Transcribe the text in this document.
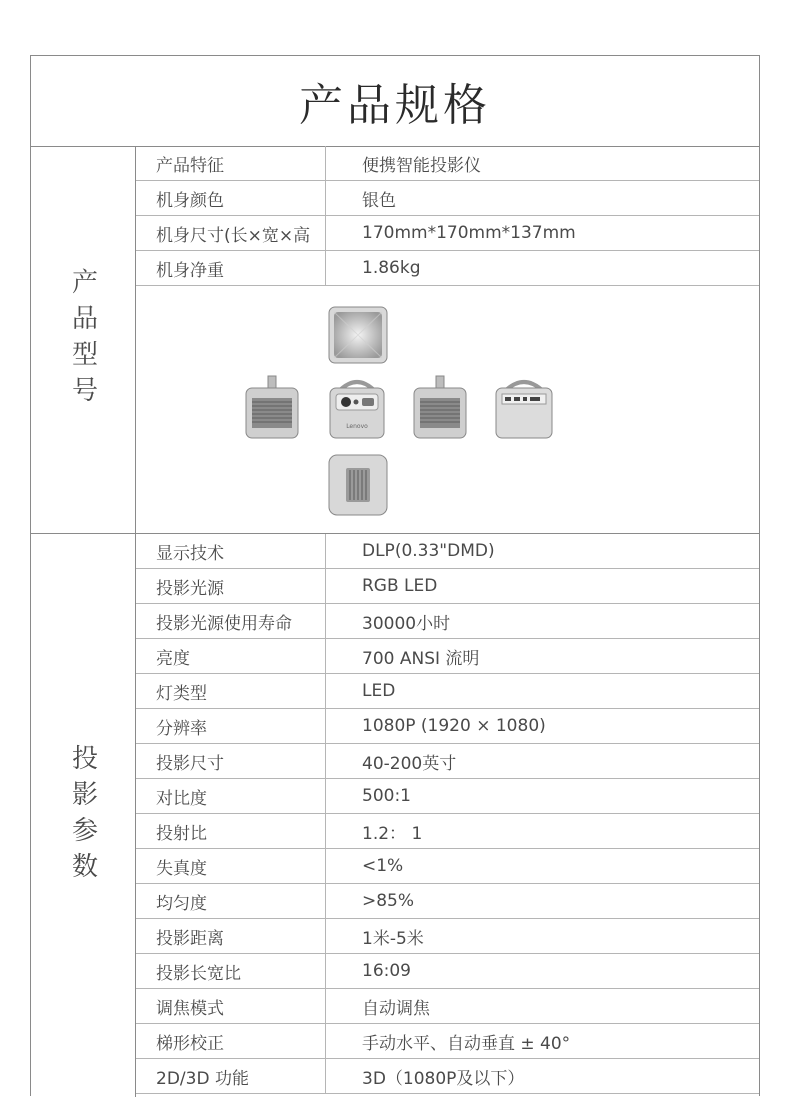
产品规格
产品型号
产品特征	便携智能投影仪
机身颜色	银色
机身尺寸(长×宽×高	170mm*170mm*137mm
机身净重	1.86kg
Lenovo
投影参数
显示技术	DLP(0.33"DMD)
投影光源	RGB LED
投影光源使用寿命	30000小时
亮度	700 ANSI 流明
灯类型	LED
分辨率	1080P (1920 × 1080)
投影尺寸	40-200英寸
对比度	500:1
投射比	1.2： 1
失真度	<1%
均匀度	>85%
投影距离	1米-5米
投影长宽比	16:09
调焦模式	自动调焦
梯形校正	手动水平、自动垂直 ± 40°
2D/3D 功能	3D（1080P及以下）
